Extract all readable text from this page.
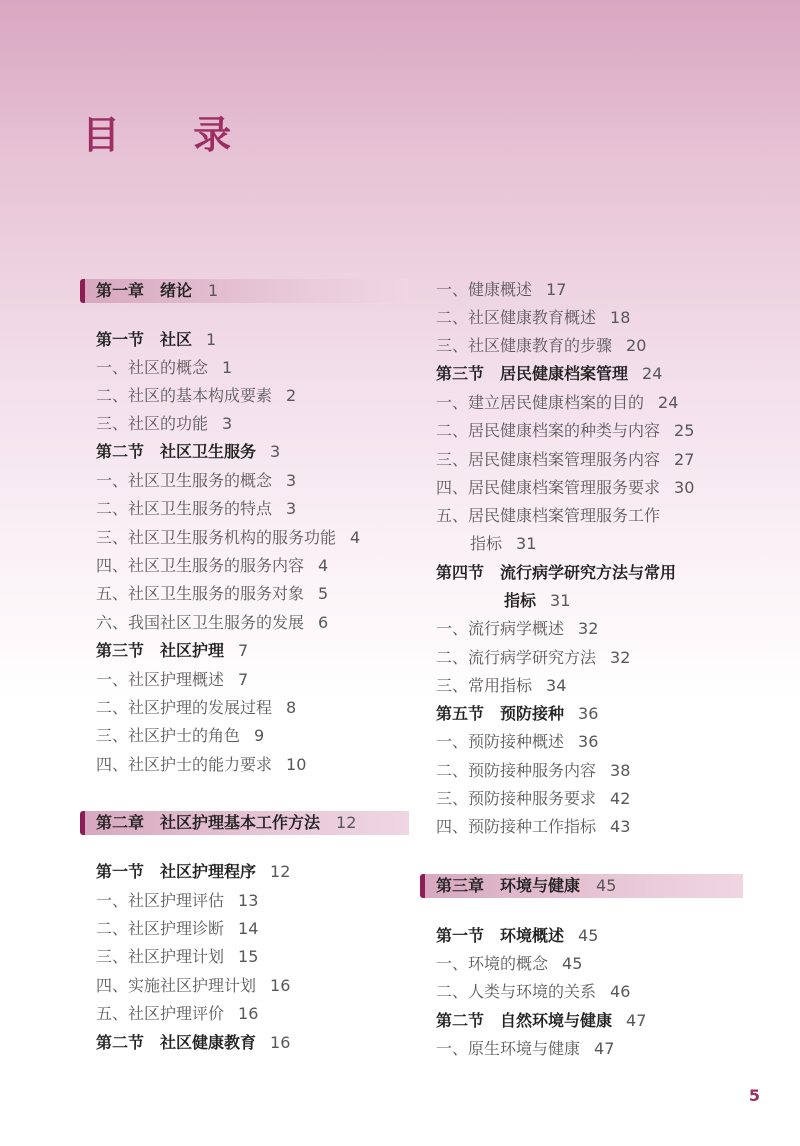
目 录
第一章　绪论 1
第一节　社区 1
一、社区的概念 1
二、社区的基本构成要素 2
三、社区的功能 3
第二节　社区卫生服务 3
一、社区卫生服务的概念 3
二、社区卫生服务的特点 3
三、社区卫生服务机构的服务功能 4
四、社区卫生服务的服务内容 4
五、社区卫生服务的服务对象 5
六、我国社区卫生服务的发展 6
第三节　社区护理 7
一、社区护理概述 7
二、社区护理的发展过程 8
三、社区护士的角色 9
四、社区护士的能力要求 10
第二章　社区护理基本工作方法 12
第一节　社区护理程序 12
一、社区护理评估 13
二、社区护理诊断 14
三、社区护理计划 15
四、实施社区护理计划 16
五、社区护理评价 16
第二节　社区健康教育 16
一、健康概述 17
二、社区健康教育概述 18
三、社区健康教育的步骤 20
第三节　居民健康档案管理 24
一、建立居民健康档案的目的 24
二、居民健康档案的种类与内容 25
三、居民健康档案管理服务内容 27
四、居民健康档案管理服务要求 30
五、居民健康档案管理服务工作
指标 31
第四节　流行病学研究方法与常用
指标 31
一、流行病学概述 32
二、流行病学研究方法 32
三、常用指标 34
第五节　预防接种 36
一、预防接种概述 36
二、预防接种服务内容 38
三、预防接种服务要求 42
四、预防接种工作指标 43
第三章　环境与健康 45
第一节　环境概述 45
一、环境的概念 45
二、人类与环境的关系 46
第二节　自然环境与健康 47
一、原生环境与健康 47
5
